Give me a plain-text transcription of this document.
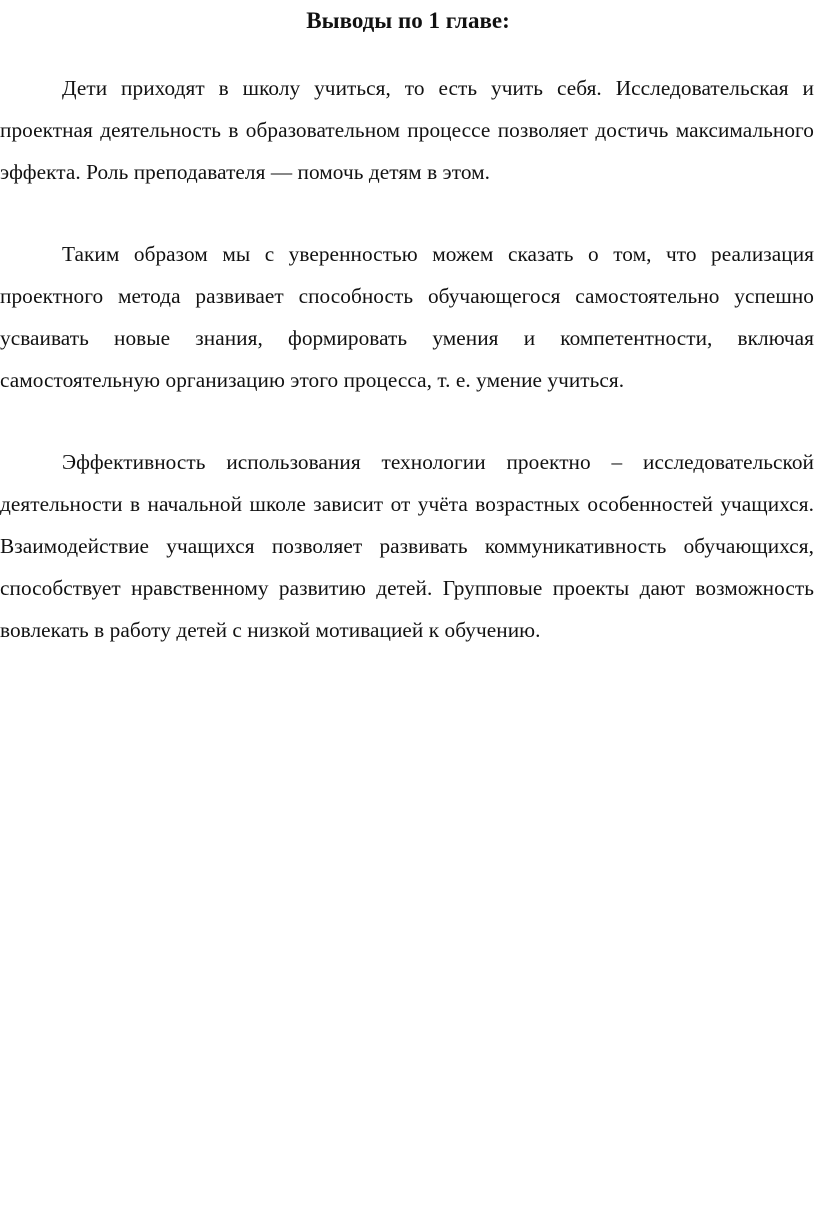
Выводы по 1 главе:

Дети приходят в школу учиться, то есть учить себя. Исследовательская и проектная деятельность в образовательном процессе позволяет достичь максимального эффекта. Роль преподавателя — помочь детям в этом.

Таким образом мы с уверенностью можем сказать о том, что реализация проектного метода развивает способность обучающегося самостоятельно успешно усваивать новые знания, формировать умения и компетентности, включая самостоятельную организацию этого процесса, т. е. умение учиться.

Эффективность использования технологии проектно – исследовательской деятельности в начальной школе зависит от учёта возрастных особенностей учащихся. Взаимодействие учащихся позволяет развивать коммуникативность обучающихся, способствует нравственному развитию детей. Групповые проекты дают возможность вовлекать в работу детей с низкой мотивацией к обучению.
